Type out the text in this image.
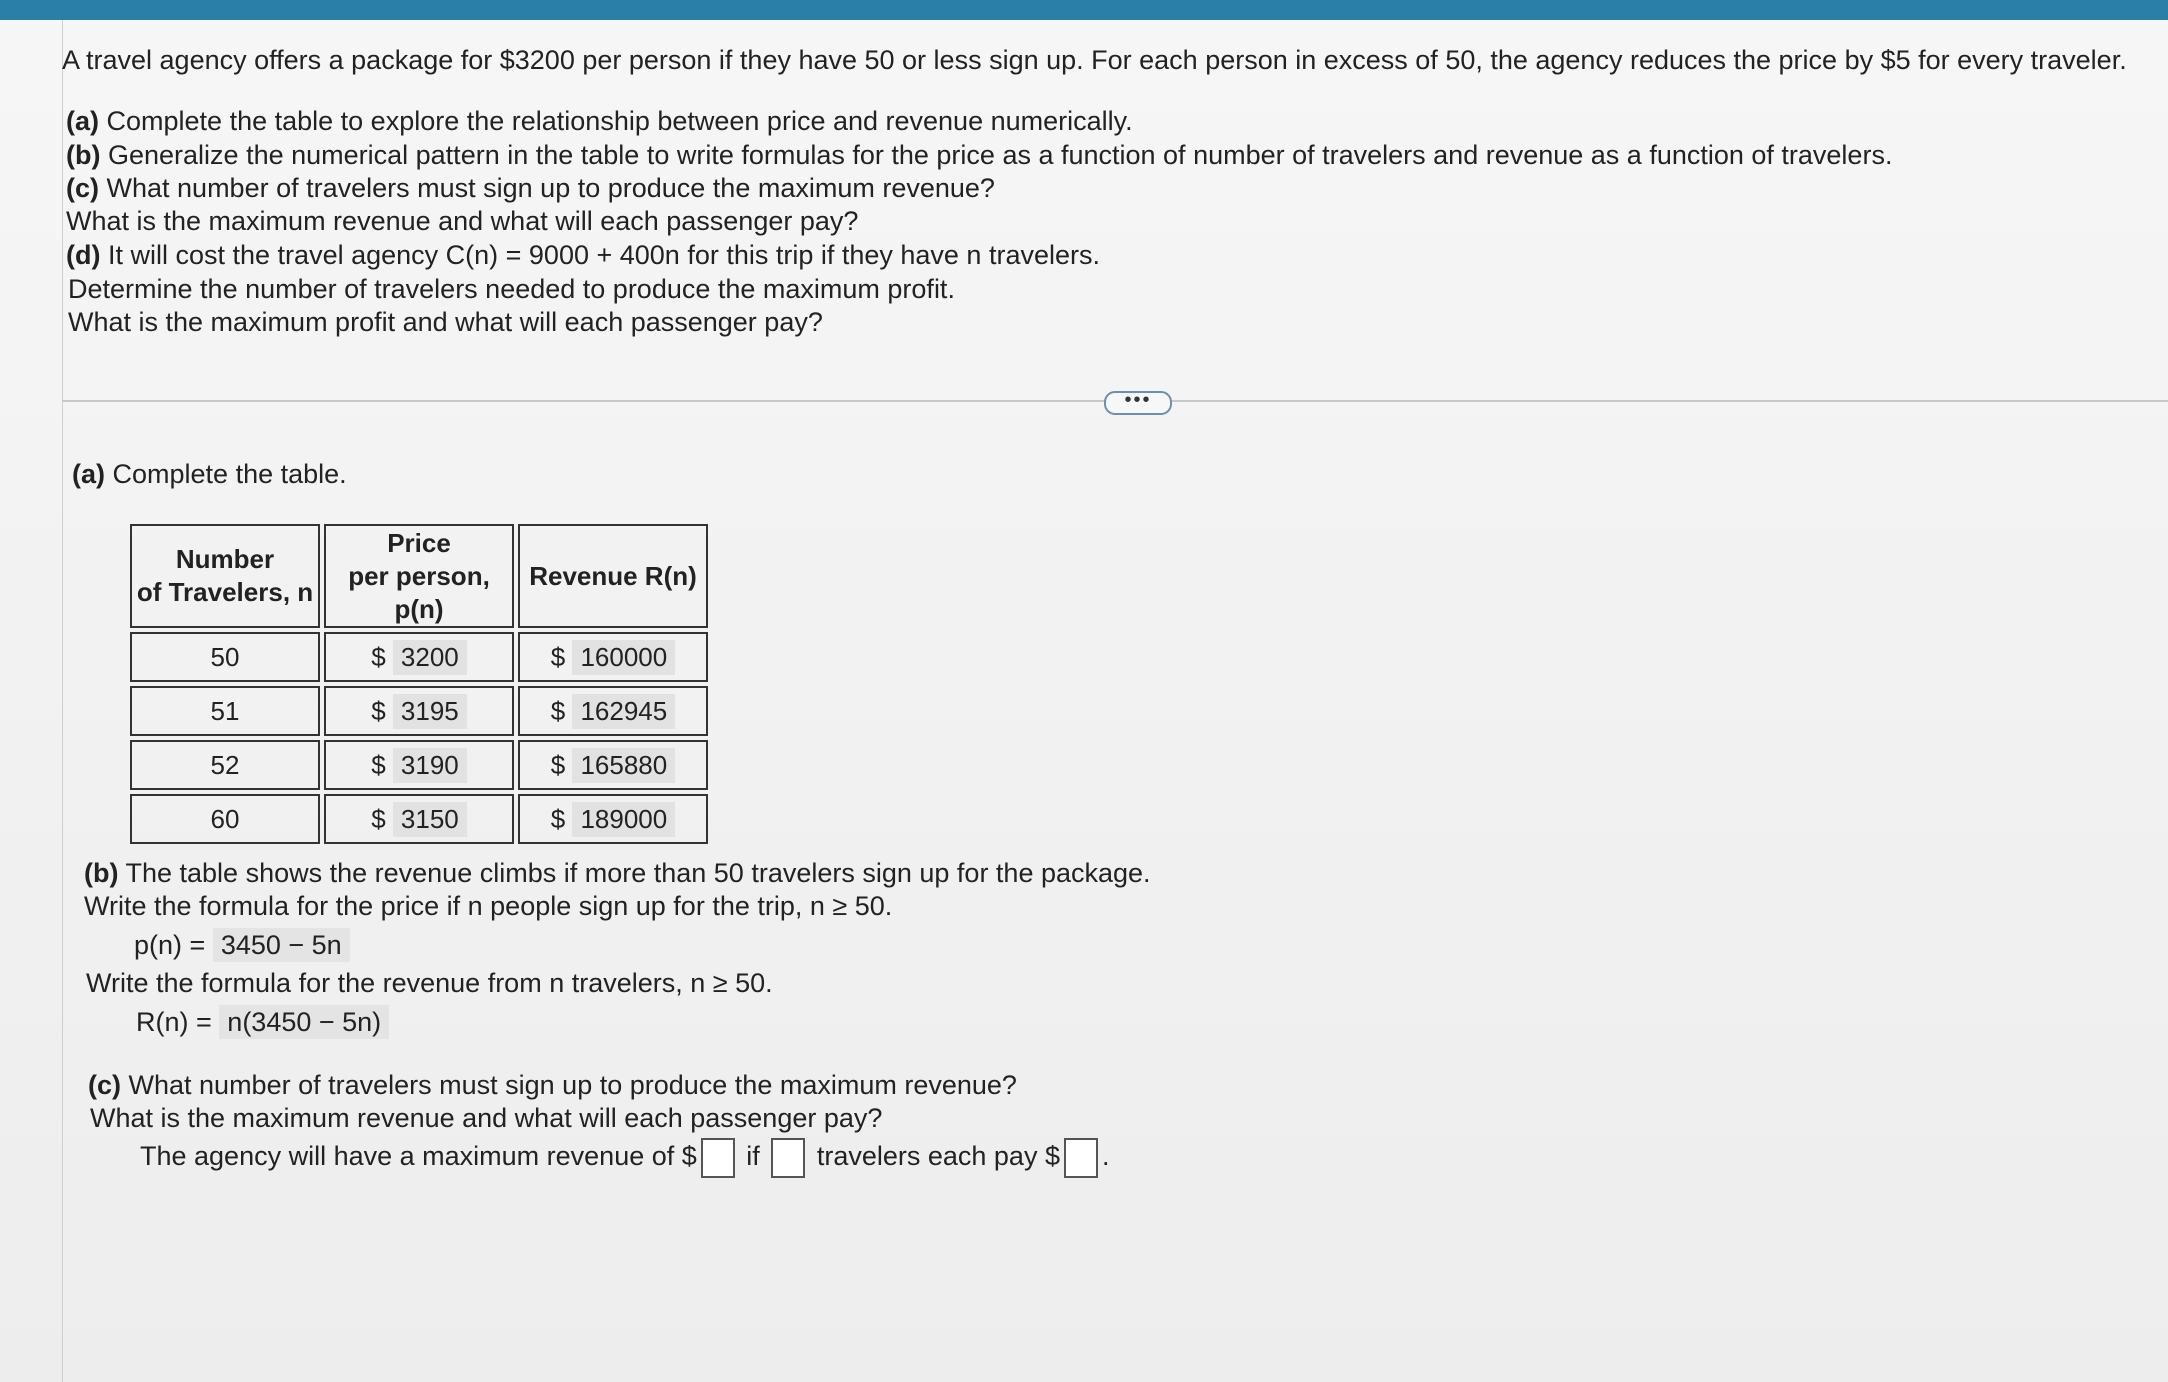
A travel agency offers a package for $3200 per person if they have 50 or less sign up. For each person in excess of 50, the agency reduces the price by $5 for every traveler.
(a) Complete the table to explore the relationship between price and revenue numerically.
(b) Generalize the numerical pattern in the table to write formulas for the price as a function of number of travelers and revenue as a function of travelers.
(c) What number of travelers must sign up to produce the maximum revenue?
What is the maximum revenue and what will each passenger pay?
(d) It will cost the travel agency C(n) = 9000 + 400n for this trip if they have n travelers.
Determine the number of travelers needed to produce the maximum profit.
What is the maximum profit and what will each passenger pay?
•••
(a) Complete the table.
Number
of Travelers, n	Price
per person,
p(n)	Revenue R(n)
50	$ 3200	$ 160000
51	$ 3195	$ 162945
52	$ 3190	$ 165880
60	$ 3150	$ 189000
(b) The table shows the revenue climbs if more than 50 travelers sign up for the package.
Write the formula for the price if n people sign up for the trip, n ≥ 50.
p(n) = 3450 − 5n
Write the formula for the revenue from n travelers, n ≥ 50.
R(n) = n(3450 − 5n)
(c) What number of travelers must sign up to produce the maximum revenue?
What is the maximum revenue and what will each passenger pay?
The agency will have a maximum revenue of $ if travelers each pay $ .
